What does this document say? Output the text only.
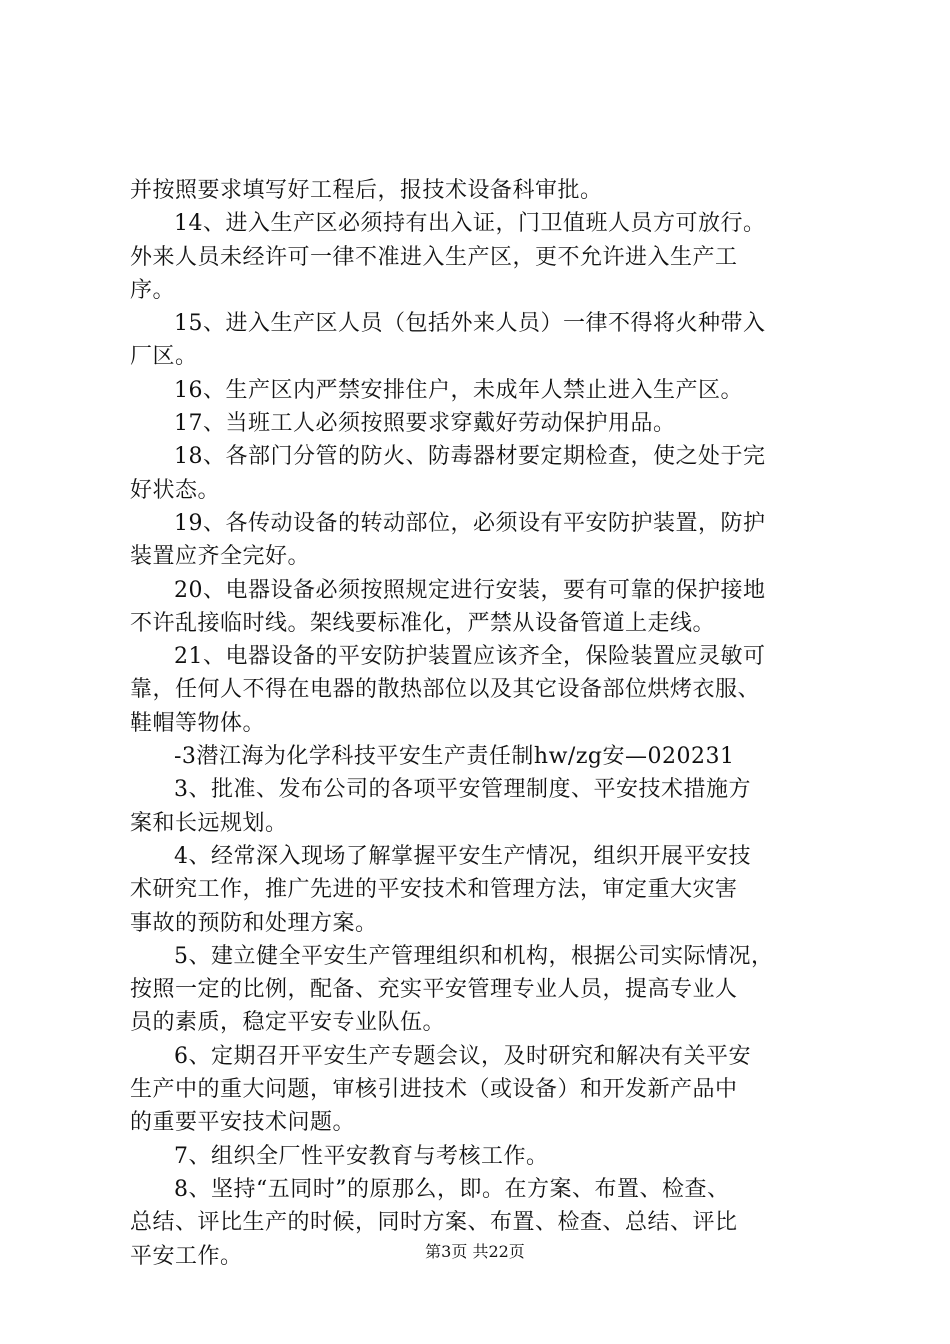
并按照要求填写好工程后，报技术设备科审批。
14、进入生产区必须持有出入证，门卫值班人员方可放行。
外来人员未经许可一律不准进入生产区，更不允许进入生产工
序。
15、进入生产区人员（包括外来人员）一律不得将火种带入
厂区。
16、生产区内严禁安排住户，未成年人禁止进入生产区。
17、当班工人必须按照要求穿戴好劳动保护用品。
18、各部门分管的防火、防毒器材要定期检查，使之处于完
好状态。
19、各传动设备的转动部位，必须设有平安防护装置，防护
装置应齐全完好。
20、电器设备必须按照规定进行安装，要有可靠的保护接地
不许乱接临时线。架线要标准化，严禁从设备管道上走线。
21、电器设备的平安防护装置应该齐全，保险装置应灵敏可
靠，任何人不得在电器的散热部位以及其它设备部位烘烤衣服、
鞋帽等物体。
-3潜江海为化学科技平安生产责任制hw/zg安—020231
3、批准、发布公司的各项平安管理制度、平安技术措施方
案和长远规划。
4、经常深入现场了解掌握平安生产情况，组织开展平安技
术研究工作，推广先进的平安技术和管理方法，审定重大灾害
事故的预防和处理方案。
5、建立健全平安生产管理组织和机构，根据公司实际情况，
按照一定的比例，配备、充实平安管理专业人员，提高专业人
员的素质，稳定平安专业队伍。
6、定期召开平安生产专题会议，及时研究和解决有关平安
生产中的重大问题，审核引进技术（或设备）和开发新产品中
的重要平安技术问题。
7、组织全厂性平安教育与考核工作。
8、坚持“五同时”的原那么，即。在方案、布置、检查、
总结、评比生产的时候，同时方案、布置、检查、总结、评比
平安工作。	第3页 共22页
